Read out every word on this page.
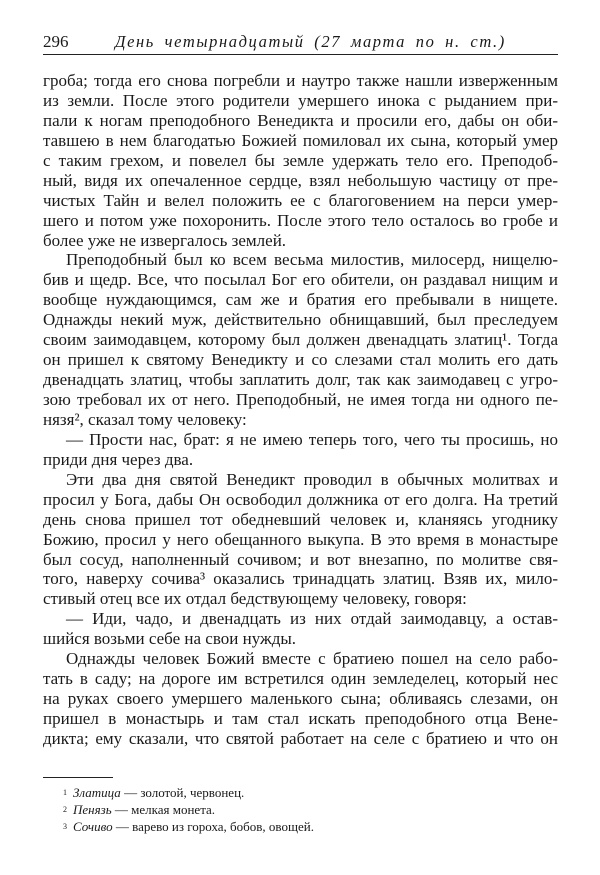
296	День четырнадцатый (27 марта по н. ст.)
гроба; тогда его снова погребли и наутро также нашли изверженным
из земли. После этого родители умершего инока с рыданием при-
пали к ногам преподобного Венедикта и просили его, дабы он оби-
тавшею в нем благодатью Божией помиловал их сына, который умер
с таким грехом, и повелел бы земле удержать тело его. Преподоб-
ный, видя их опечаленное сердце, взял небольшую частицу от пре-
чистых Тайн и велел положить ее с благоговением на перси умер-
шего и потом уже похоронить. После этого тело осталось во гробе и
более уже не извергалось землей.
Преподобный был ко всем весьма милостив, милосерд, нищелю-
бив и щедр. Все, что посылал Бог его обители, он раздавал нищим и
вообще нуждающимся, сам же и братия его пребывали в нищете.
Однажды некий муж, действительно обнищавший, был преследуем
своим заимодавцем, которому был должен двенадцать златиц¹. Тогда
он пришел к святому Венедикту и со слезами стал молить его дать
двенадцать златиц, чтобы заплатить долг, так как заимодавец с угро-
зою требовал их от него. Преподобный, не имея тогда ни одного пе-
нязя², сказал тому человеку:
— Прости нас, брат: я не имею теперь того, чего ты просишь, но
приди дня через два.
Эти два дня святой Венедикт проводил в обычных молитвах и
просил у Бога, дабы Он освободил должника от его долга. На третий
день снова пришел тот обедневший человек и, кланяясь угоднику
Божию, просил у него обещанного выкупа. В это время в монастыре
был сосуд, наполненный сочивом; и вот внезапно, по молитве свя-
того, наверху сочива³ оказались тринадцать златиц. Взяв их, мило-
стивый отец все их отдал бедствующему человеку, говоря:
— Иди, чадо, и двенадцать из них отдай заимодавцу, а остав-
шийся возьми себе на свои нужды.
Однажды человек Божий вместе с братиею пошел на село рабо-
тать в саду; на дороге им встретился один земледелец, который нес
на руках своего умершего маленького сына; обливаясь слезами, он
пришел в монастырь и там стал искать преподобного отца Вене-
дикта; ему сказали, что святой работает на селе с братиею и что он
$^1$ Златица — золотой, червонец.
$^2$ Пенязь — мелкая монета.
$^3$ Сочиво — варево из гороха, бобов, овощей.
